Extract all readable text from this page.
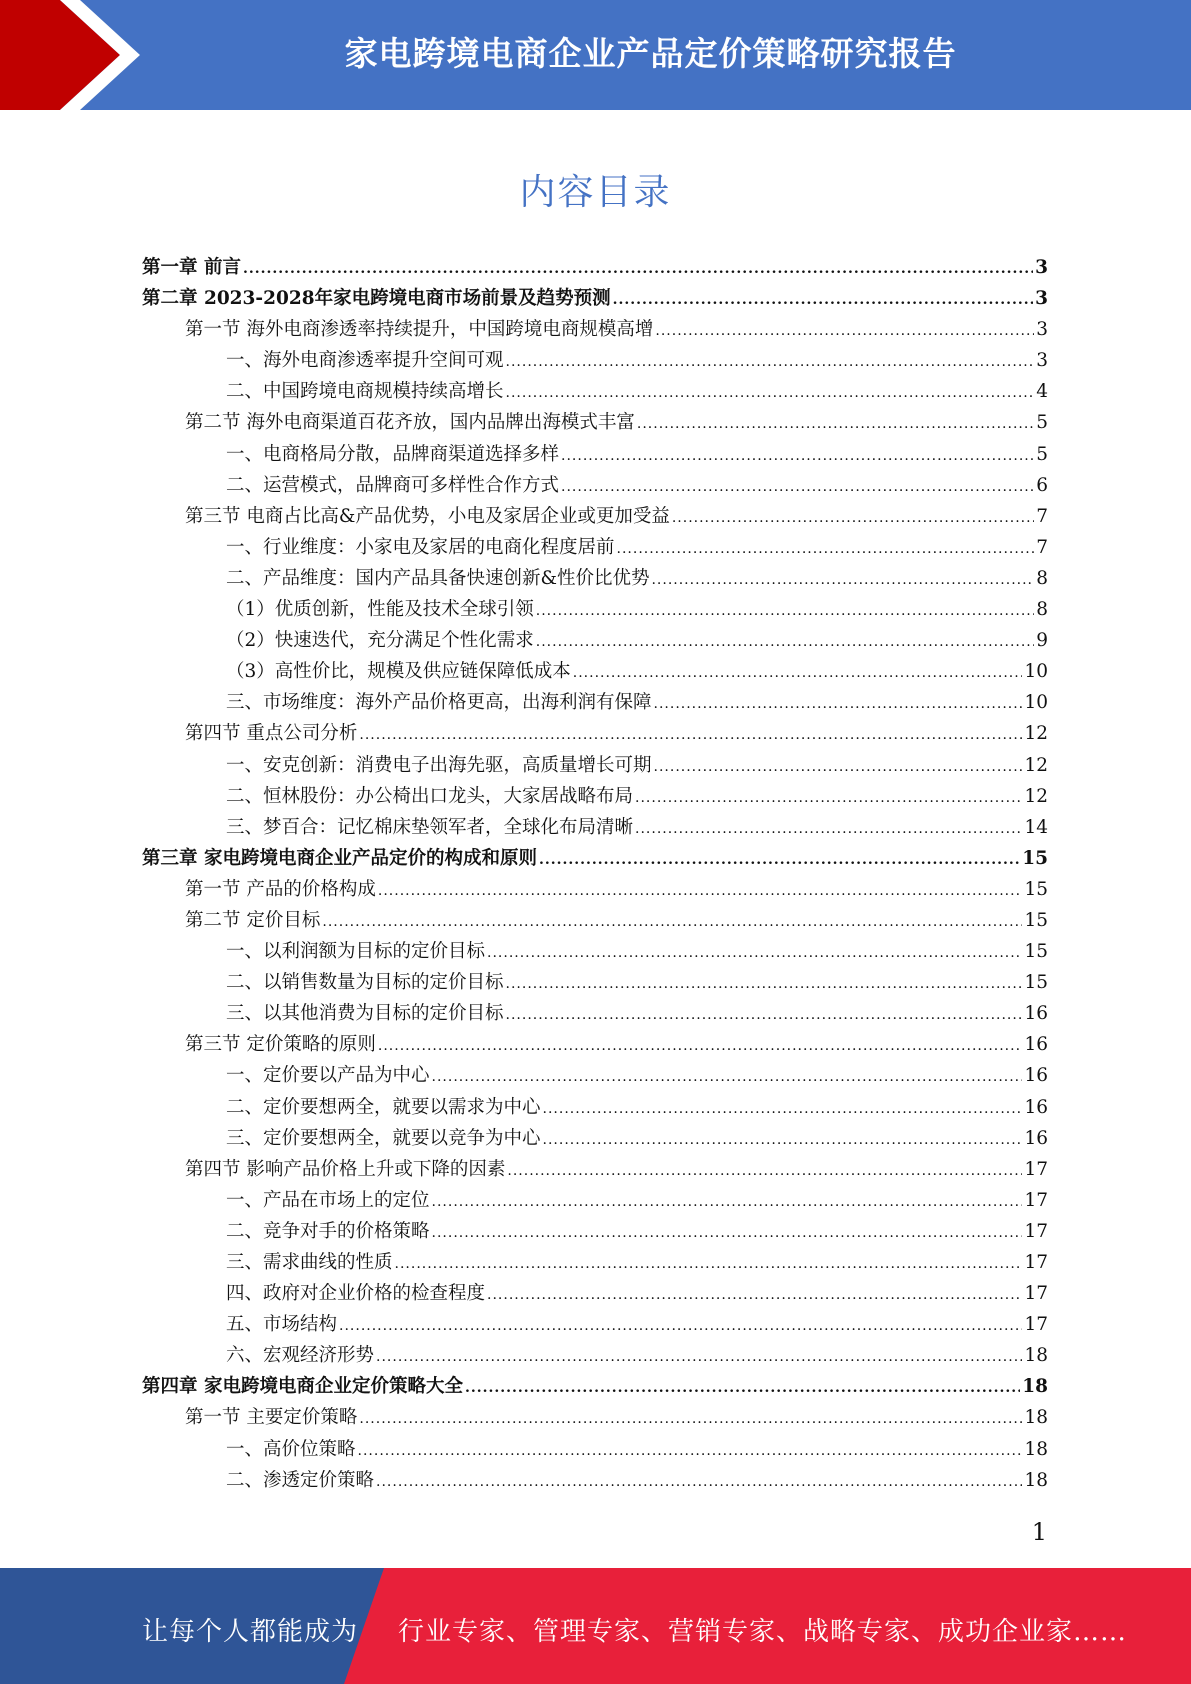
家电跨境电商企业产品定价策略研究报告
内容目录
第一章 前言 .....	3
第二章 2023-2028年家电跨境电商市场前景及趋势预测 .....	3
第一节 海外电商渗透率持续提升，中国跨境电商规模高增 .....	3
一、海外电商渗透率提升空间可观 .....	3
二、中国跨境电商规模持续高增长 .....	4
第二节 海外电商渠道百花齐放，国内品牌出海模式丰富 .....	5
一、电商格局分散，品牌商渠道选择多样 .....	5
二、运营模式，品牌商可多样性合作方式 .....	6
第三节 电商占比高&产品优势，小电及家居企业或更加受益 .....	7
一、行业维度：小家电及家居的电商化程度居前 .....	7
二、产品维度：国内产品具备快速创新&性价比优势 .....	8
（1）优质创新，性能及技术全球引领 .....	8
（2）快速迭代，充分满足个性化需求 .....	9
（3）高性价比，规模及供应链保障低成本 .....	10
三、市场维度：海外产品价格更高，出海利润有保障 .....	10
第四节 重点公司分析 .....	12
一、安克创新：消费电子出海先驱，高质量增长可期 .....	12
二、恒林股份：办公椅出口龙头，大家居战略布局 .....	12
三、梦百合：记忆棉床垫领军者，全球化布局清晰 .....	14
第三章 家电跨境电商企业产品定价的构成和原则 .....	15
第一节 产品的价格构成 .....	15
第二节 定价目标 .....	15
一、以利润额为目标的定价目标 .....	15
二、以销售数量为目标的定价目标 .....	15
三、以其他消费为目标的定价目标 .....	16
第三节 定价策略的原则 .....	16
一、定价要以产品为中心 .....	16
二、定价要想两全，就要以需求为中心 .....	16
三、定价要想两全，就要以竞争为中心 .....	16
第四节 影响产品价格上升或下降的因素 .....	17
一、产品在市场上的定位 .....	17
二、竞争对手的价格策略 .....	17
三、需求曲线的性质 .....	17
四、政府对企业价格的检查程度 .....	17
五、市场结构 .....	17
六、宏观经济形势 .....	18
第四章 家电跨境电商企业定价策略大全 .....	18
第一节 主要定价策略 .....	18
一、高价位策略 .....	18
二、渗透定价策略 .....	18
1
让每个人都能成为 行业专家、管理专家、营销专家、战略专家、成功企业家……
